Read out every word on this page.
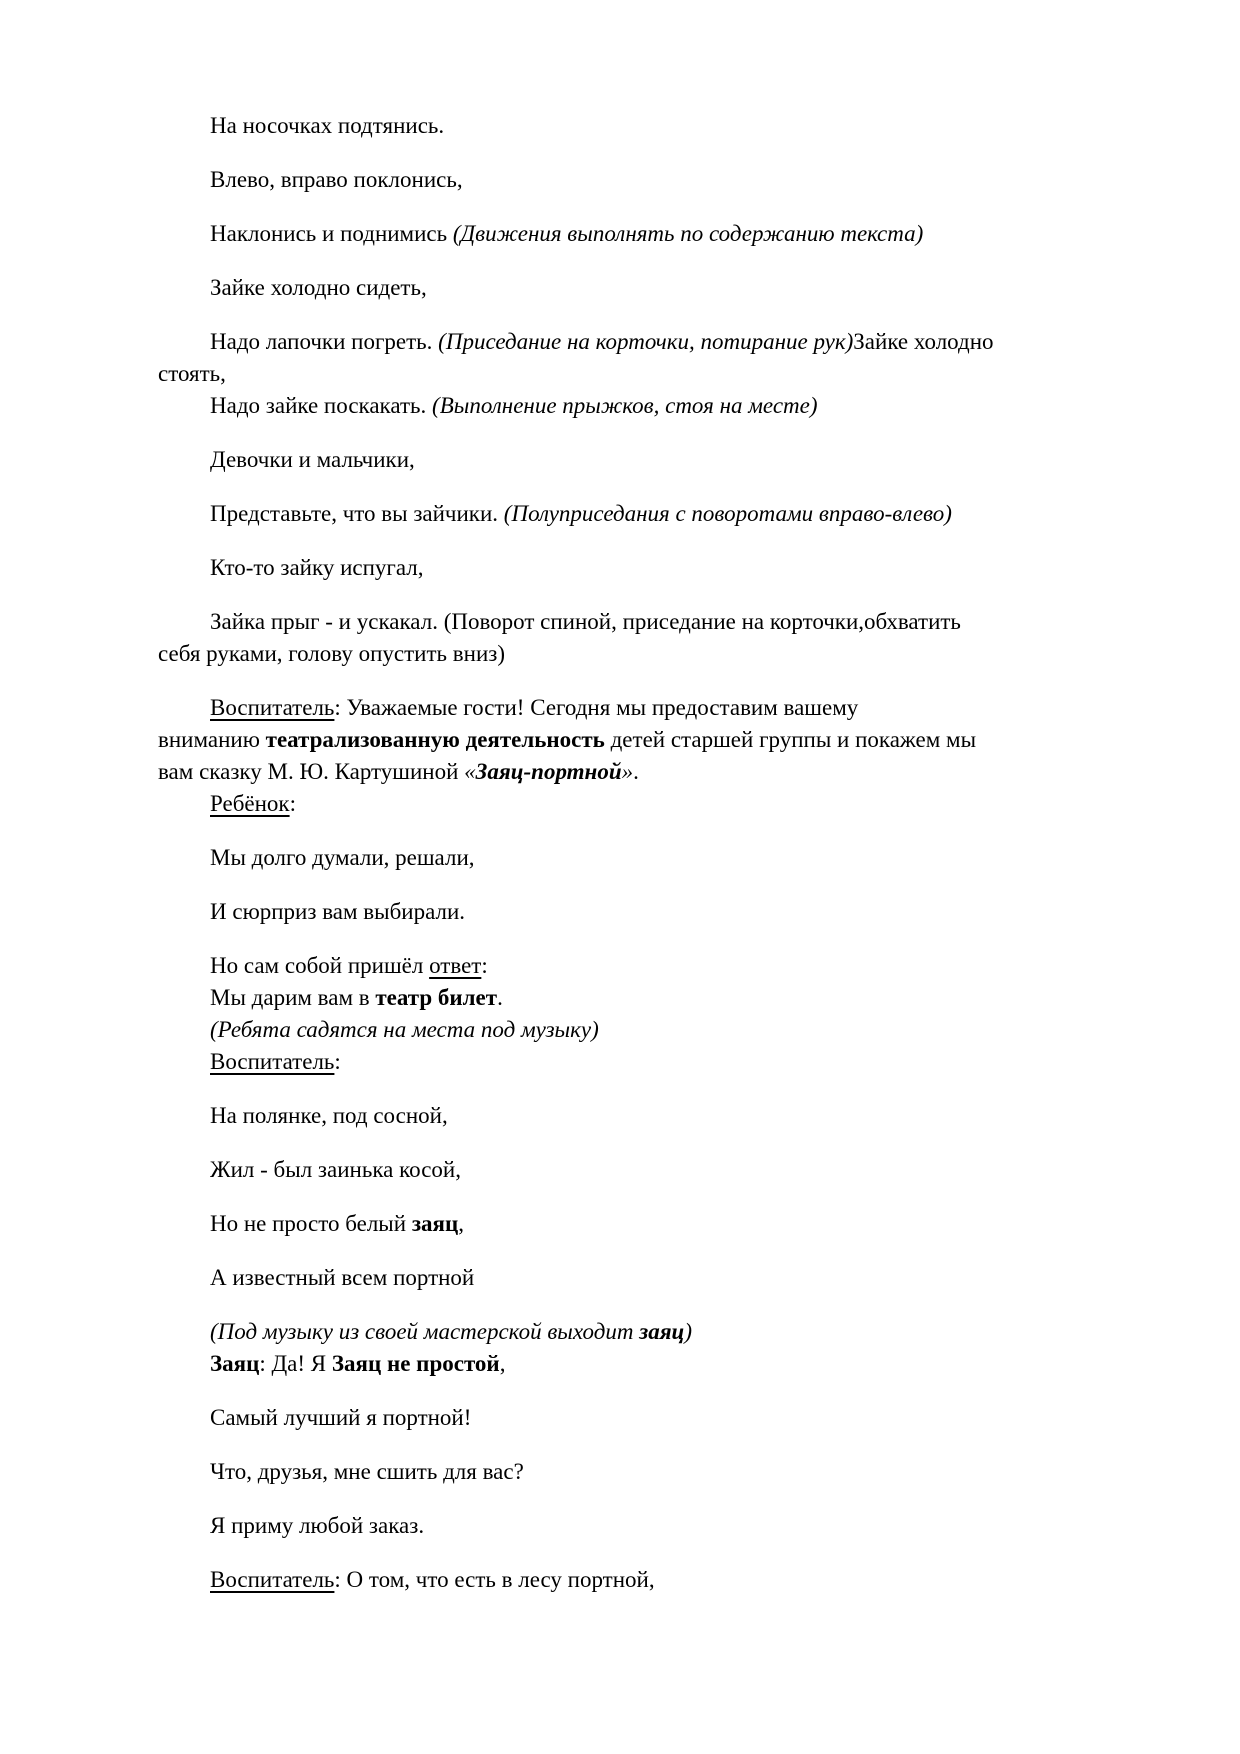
На носочках подтянись.

Влево, вправо поклонись,

Наклонись и поднимись (Движения выполнять по содержанию текста)

Зайке холодно сидеть,

Надо лапочки погреть. (Приседание на корточки, потирание рук)Зайке холодно
стоять,

Надо зайке поскакать. (Выполнение прыжков, стоя на месте)

Девочки и мальчики,

Представьте, что вы зайчики. (Полуприседания с поворотами вправо-влево)

Кто-то зайку испугал,

Зайка прыг - и ускакал. (Поворот спиной, приседание на корточки,обхватить
себя руками, голову опустить вниз)

Воспитатель: Уважаемые гости! Сегодня мы предоставим вашему
вниманию театрализованную деятельность детей старшей группы и покажем мы
вам сказку М. Ю. Картушиной «Заяц-портной».

Ребёнок:

Мы долго думали, решали,

И сюрприз вам выбирали.

Но сам собой пришёл ответ:

Мы дарим вам в театр билет.

(Ребята садятся на места под музыку)

Воспитатель:

На полянке, под сосной,

Жил - был заинька косой,

Но не просто белый заяц,

А известный всем портной

(Под музыку из своей мастерской выходит заяц)

Заяц: Да! Я Заяц не простой,

Самый лучший я портной!

Что, друзья, мне сшить для вас?

Я приму любой заказ.

Воспитатель: О том, что есть в лесу портной,
